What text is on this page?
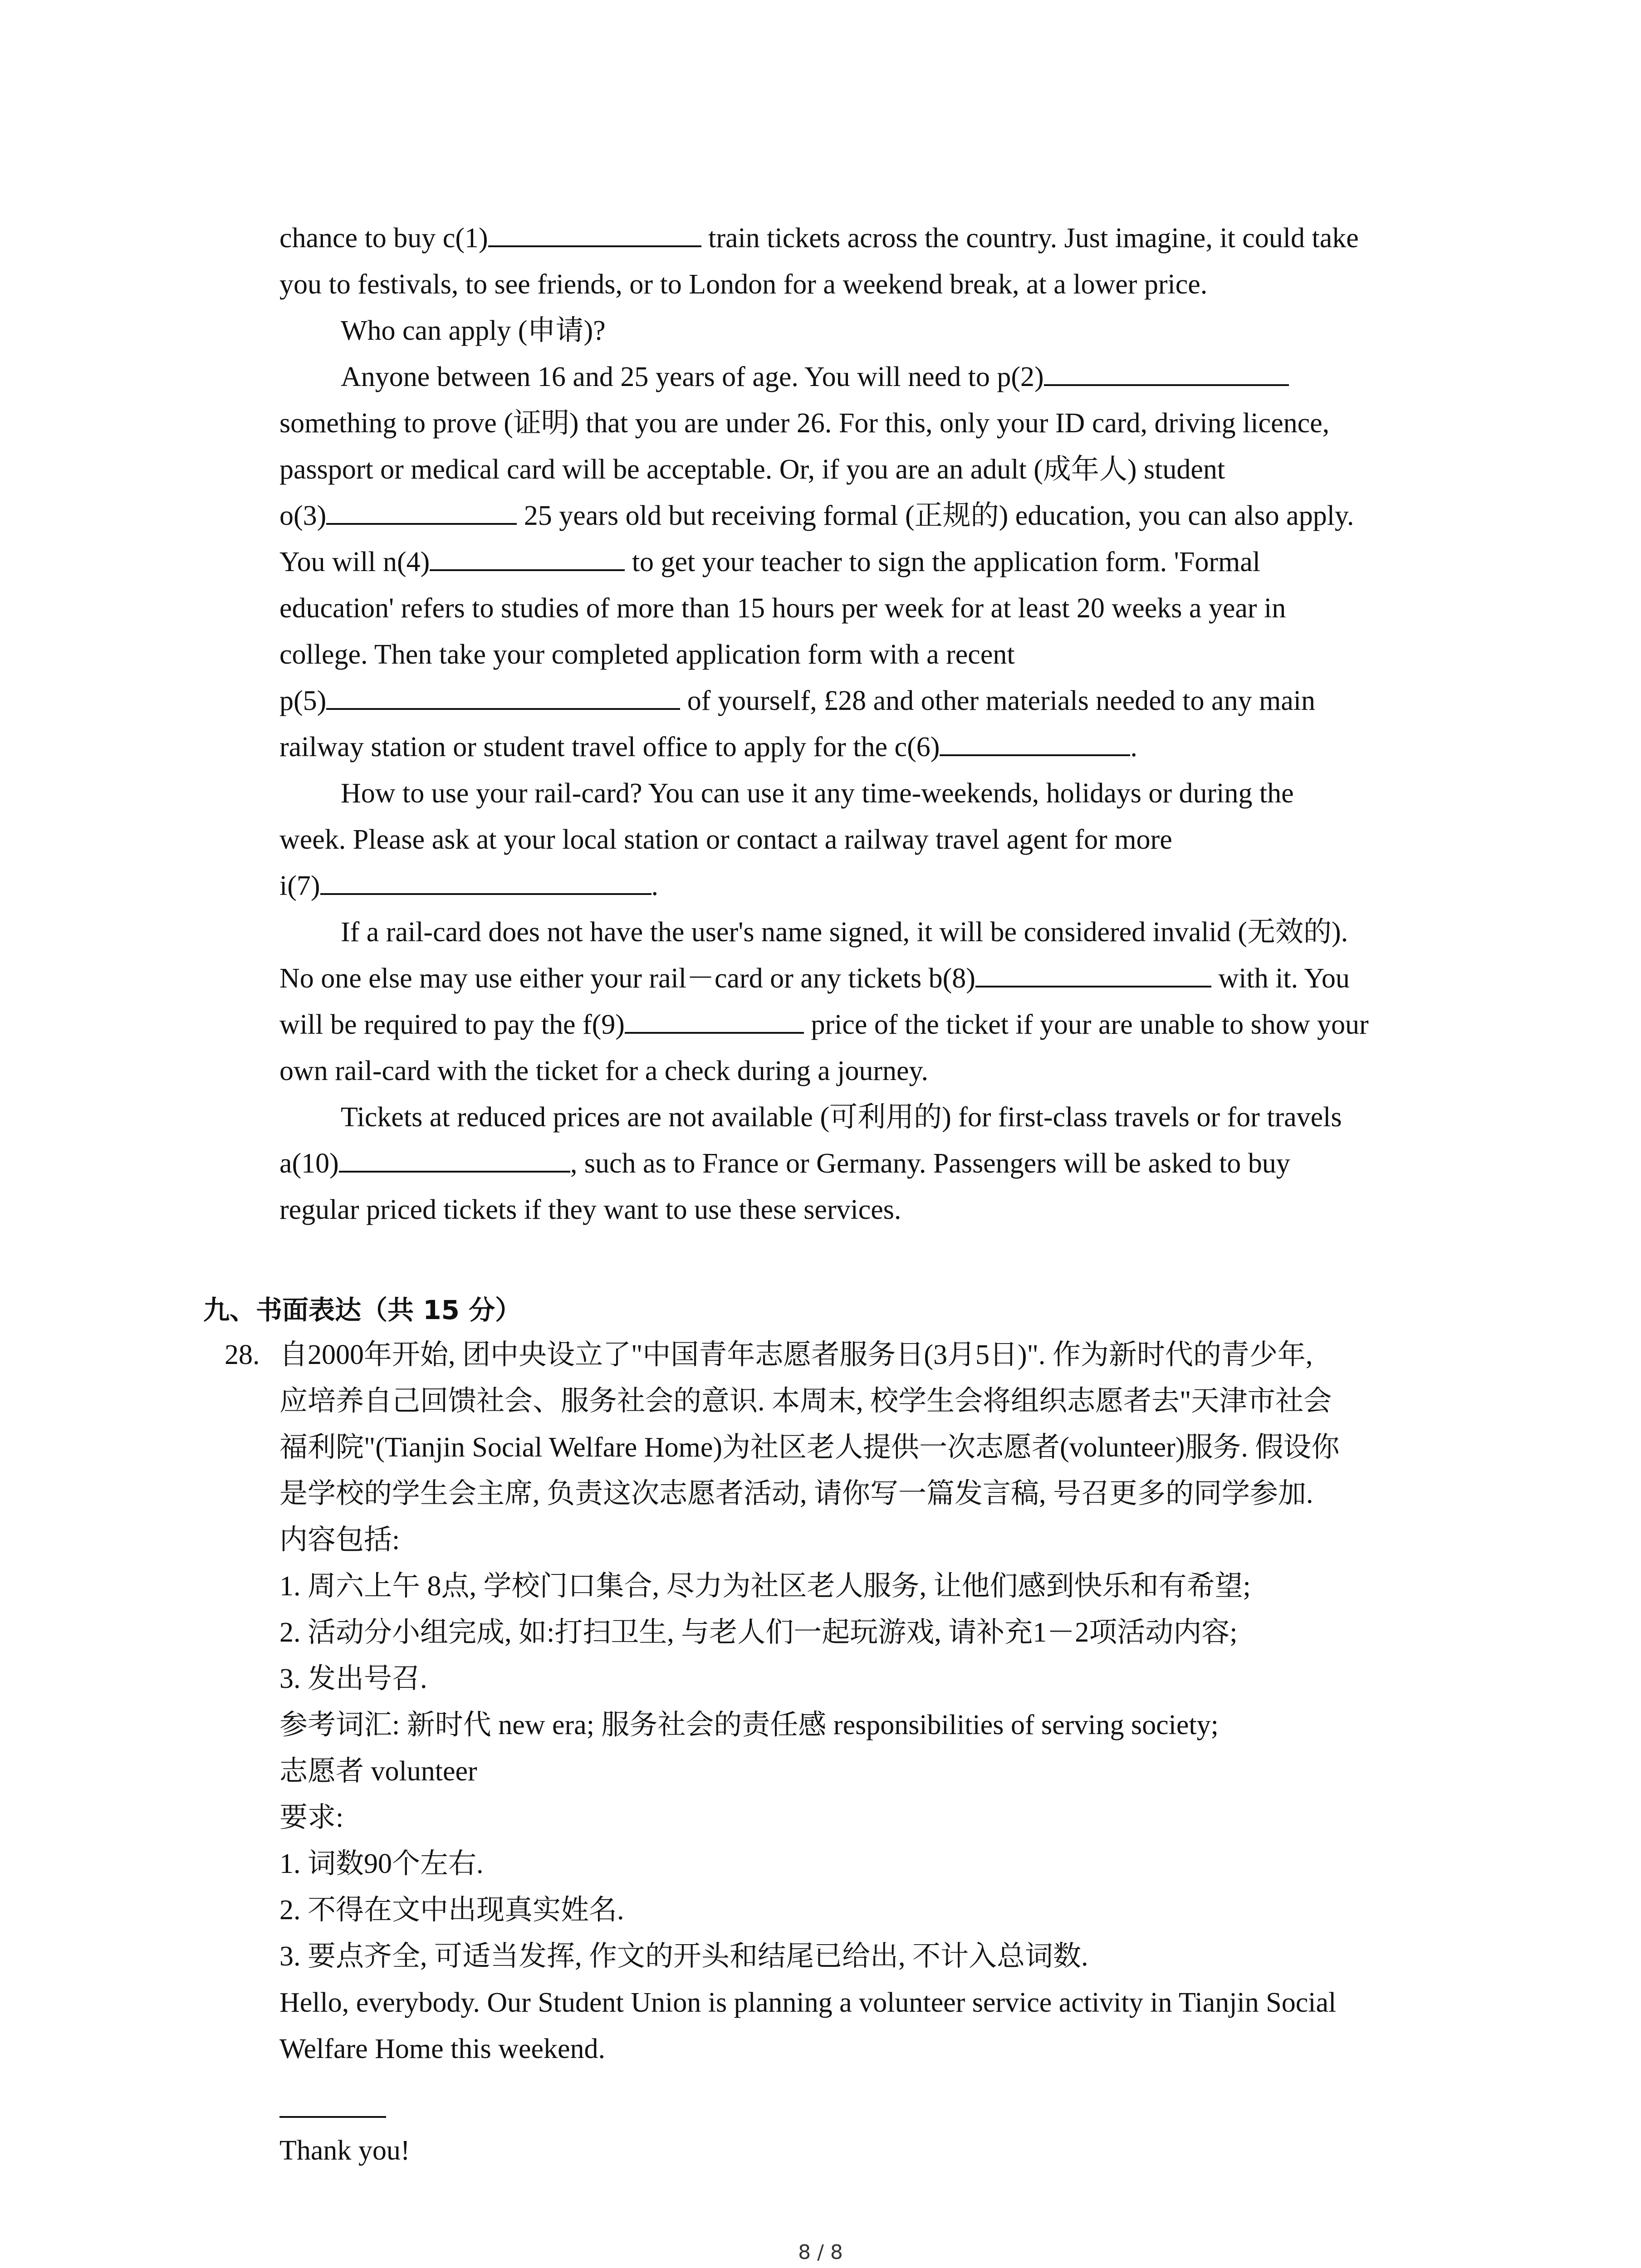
chance to buy c(1)	train tickets across the country. Just imagine, it could take
you to festivals, to see friends, or to London for a weekend break, at a lower price.
Who can apply (申请)?
Anyone between 16 and 25 years of age. You will need to p(2)
something to prove (证明) that you are under 26. For this, only your ID card, driving licence,
passport or medical card will be acceptable. Or, if you are an adult (成年人) student
o(3)	25 years old but receiving formal (正规的) education, you can also apply.
You will n(4)	to get your teacher to sign the application form. 'Formal
education' refers to studies of more than 15 hours per week for at least 20 weeks a year in
college. Then take your completed application form with a recent
p(5)	of yourself, £28 and other materials needed to any main
railway station or student travel office to apply for the c(6)	.
How to use your rail-card? You can use it any time-weekends, holidays or during the
week. Please ask at your local station or contact a railway travel agent for more
i(7)	.
If a rail-card does not have the user's name signed, it will be considered invalid (无效的).
No one else may use either your rail－card or any tickets b(8)	with it. You
will be required to pay the f(9)	price of the ticket if your are unable to show your
own rail-card with the ticket for a check during a journey.
Tickets at reduced prices are not available (可利用的) for first-class travels or for travels
a(10)	, such as to France or Germany. Passengers will be asked to buy
regular priced tickets if they want to use these services.
九、书面表达（共 15 分）
28. 自2000年开始, 团中央设立了"中国青年志愿者服务日(3月5日)". 作为新时代的青少年,
应培养自己回馈社会、服务社会的意识. 本周末, 校学生会将组织志愿者去"天津市社会
福利院"(Tianjin Social Welfare Home)为社区老人提供一次志愿者(volunteer)服务. 假设你
是学校的学生会主席, 负责这次志愿者活动, 请你写一篇发言稿, 号召更多的同学参加.
内容包括:
1. 周六上午 8点, 学校门口集合, 尽力为社区老人服务, 让他们感到快乐和有希望;
2. 活动分小组完成, 如:打扫卫生, 与老人们一起玩游戏, 请补充1－2项活动内容;
3. 发出号召.
参考词汇: 新时代 new era; 服务社会的责任感 responsibilities of serving society;
志愿者 volunteer
要求:
1. 词数90个左右.
2. 不得在文中出现真实姓名.
3. 要点齐全, 可适当发挥, 作文的开头和结尾已给出, 不计入总词数.
Hello, everybody. Our Student Union is planning a volunteer service activity in Tianjin Social
Welfare Home this weekend.
Thank you!
8 / 8
